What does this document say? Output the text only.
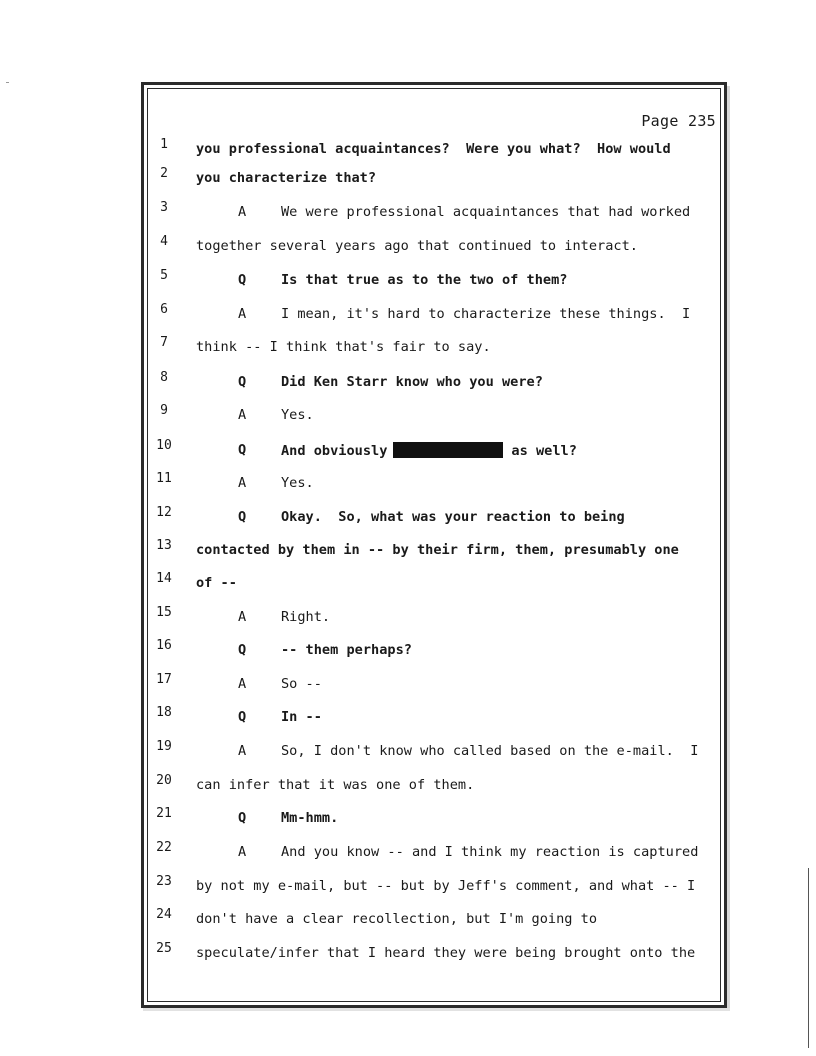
Page 235
1	you professional acquaintances?  Were you what?  How would
2	you characterize that?
3	A	We were professional acquaintances that had worked
4	together several years ago that continued to interact.
5	Q	Is that true as to the two of them?
6	A	I mean, it's hard to characterize these things.  I
7	think -- I think that's fair to say.
8	Q	Did Ken Starr know who you were?
9	A	Yes.
10	Q	And obviously	as well?
11	A	Yes.
12	Q	Okay.  So, what was your reaction to being
13	contacted by them in -- by their firm, them, presumably one
14	of --
15	A	Right.
16	Q	-- them perhaps?
17	A	So --
18	Q	In --
19	A	So, I don't know who called based on the e-mail.  I
20	can infer that it was one of them.
21	Q	Mm-hmm.
22	A	And you know -- and I think my reaction is captured
23	by not my e-mail, but -- but by Jeff's comment, and what -- I
24	don't have a clear recollection, but I'm going to
25	speculate/infer that I heard they were being brought onto the
